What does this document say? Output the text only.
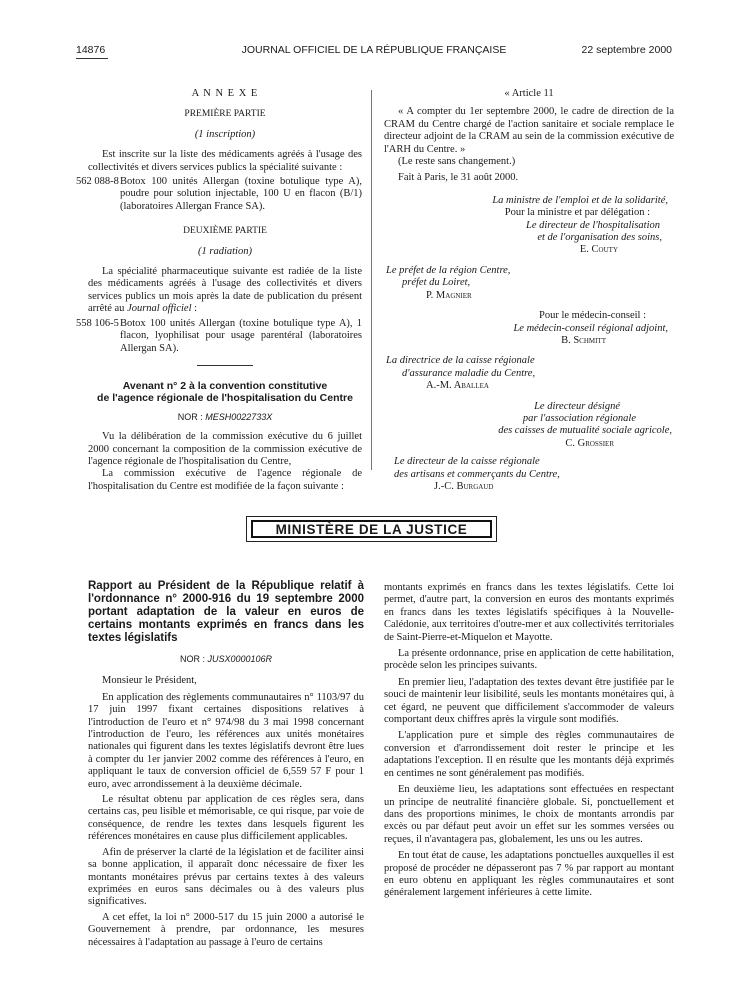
14876	JOURNAL OFFICIEL DE LA RÉPUBLIQUE FRANÇAISE	22 septembre 2000

A N N E X E

PREMIÈRE PARTIE

(1 inscription)

Est inscrite sur la liste des médicaments agréés à l'usage des collectivités et divers services publics la spécialité suivante :

562 088-8 Botox 100 unités Allergan (toxine botulique type A), poudre pour solution injectable, 100 U en flacon (B/1) (laboratoires Allergan France SA).

DEUXIÈME PARTIE

(1 radiation)

La spécialité pharmaceutique suivante est radiée de la liste des médicaments agréés à l'usage des collectivités et divers services publics un mois après la date de publication du présent arrêté au Journal officiel :

558 106-5 Botox 100 unités Allergan (toxine botulique type A), 1 flacon, lyophilisat pour usage parentéral (laboratoires Allergan SA).

Avenant n° 2 à la convention constitutive

de l'agence régionale de l'hospitalisation du Centre

NOR : MESH0022733X

Vu la délibération de la commission exécutive du 6 juillet 2000 concernant la composition de la commission exécutive de l'agence régionale de l'hospitalisation du Centre,

La commission exécutive de l'agence régionale de l'hospitalisation du Centre est modifiée de la façon suivante :

« Article 11

« A compter du 1er septembre 2000, le cadre de direction de la CRAM du Centre chargé de l'action sanitaire et sociale remplace le directeur adjoint de la CRAM au sein de la commission exécutive de l'ARH du Centre. »

(Le reste sans changement.)

Fait à Paris, le 31 août 2000.

La ministre de l'emploi et de la solidarité,

Pour la ministre et par délégation :

Le directeur de l'hospitalisation

et de l'organisation des soins,

E. Couty

Le préfet de la région Centre,

préfet du Loiret,

P. Magnier

Pour le médecin-conseil :

Le médecin-conseil régional adjoint,

B. Schmitt

La directrice de la caisse régionale

d'assurance maladie du Centre,

A.-M. Aballea

Le directeur désigné

par l'association régionale

des caisses de mutualité sociale agricole,

C. Grossier

Le directeur de la caisse régionale

des artisans et commerçants du Centre,

J.-C. Burgaud

MINISTÈRE DE LA JUSTICE

Rapport au Président de la République relatif à l'ordonnance n° 2000-916 du 19 septembre 2000 portant adaptation de la valeur en euros de certains montants exprimés en francs dans les textes législatifs

NOR : JUSX0000106R

Monsieur le Président,

En application des règlements communautaires n° 1103/97 du 17 juin 1997 fixant certaines dispositions relatives à l'introduction de l'euro et n° 974/98 du 3 mai 1998 concernant l'introduction de l'euro, les références aux unités monétaires nationales qui figurent dans les textes législatifs devront être lues à compter du 1er janvier 2002 comme des références à l'euro, en appliquant le taux de conversion officiel de 6,559 57 F pour 1 euro, avec arrondissement à la deuxième décimale.

Le résultat obtenu par application de ces règles sera, dans certains cas, peu lisible et mémorisable, ce qui risque, par voie de conséquence, de rendre les textes dans lesquels figurent les références monétaires en cause plus difficilement applicables.

Afin de préserver la clarté de la législation et de faciliter ainsi sa bonne application, il apparaît donc nécessaire de fixer les montants monétaires prévus par certains textes à des valeurs exprimées en euros sans décimales ou à des valeurs plus significatives.

A cet effet, la loi n° 2000-517 du 15 juin 2000 a autorisé le Gouvernement à prendre, par ordonnance, les mesures nécessaires à l'adaptation au passage à l'euro de certains

montants exprimés en francs dans les textes législatifs. Cette loi permet, d'autre part, la conversion en euros des montants exprimés en francs dans les textes législatifs spécifiques à la Nouvelle-Calédonie, aux territoires d'outre-mer et aux collectivités territoriales de Saint-Pierre-et-Miquelon et Mayotte.

La présente ordonnance, prise en application de cette habilitation, procède selon les principes suivants.

En premier lieu, l'adaptation des textes devant être justifiée par le souci de maintenir leur lisibilité, seuls les montants monétaires qui, à cet égard, ne peuvent que difficilement s'accommoder de valeurs comportant deux chiffres après la virgule sont modifiés.

L'application pure et simple des règles communautaires de conversion et d'arrondissement doit rester le principe et les adaptations l'exception. Il en résulte que les montants déjà exprimés en centimes ne sont généralement pas modifiés.

En deuxième lieu, les adaptations sont effectuées en respectant un principe de neutralité financière globale. Si, ponctuellement et dans des proportions minimes, le choix de montants arrondis par excès ou par défaut peut avoir un effet sur les sommes versées ou reçues, il n'avantagera pas, globalement, les uns ou les autres.

En tout état de cause, les adaptations ponctuelles auxquelles il est proposé de procéder ne dépasseront pas 7 % par rapport au montant en euro obtenu en appliquant les règles communautaires et sont généralement largement inférieures à cette limite.
